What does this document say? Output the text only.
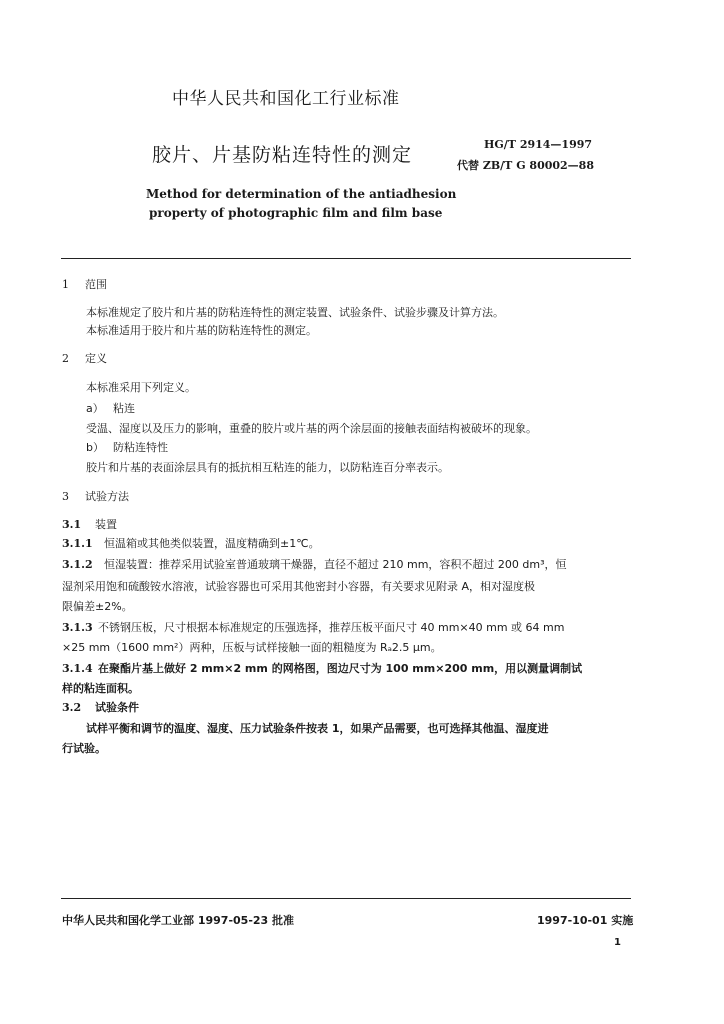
中华人民共和国化工行业标准
胶片、片基防粘连特性的测定	HG/T 2914—1997
代替 ZB/T G 80002—88
Method for determination of the antiadhesion
property of photographic film and film base
1 范围
本标准规定了胶片和片基的防粘连特性的测定装置、试验条件、试验步骤及计算方法。
本标准适用于胶片和片基的防粘连特性的测定。
2 定义
本标准采用下列定义。
a） 粘连
受温、湿度以及压力的影响，重叠的胶片或片基的两个涂层面的接触表面结构被破坏的现象。
b） 防粘连特性
胶片和片基的表面涂层具有的抵抗相互粘连的能力，以防粘连百分率表示。
3 试验方法
3.1 装置
3.1.1 恒温箱或其他类似装置，温度精确到±1℃。
3.1.2 恒湿装置：推荐采用试验室普通玻璃干燥器，直径不超过 210 mm，容积不超过 200 dm³，恒
湿剂采用饱和硫酸铵水溶液，试验容器也可采用其他密封小容器，有关要求见附录 A，相对湿度极
限偏差±2%。
3.1.3 不锈钢压板，尺寸根据本标准规定的压强选择，推荐压板平面尺寸 40 mm×40 mm 或 64 mm
×25 mm（1600 mm²）两种，压板与试样接触一面的粗糙度为 Rₐ2.5 μm。
3.1.4 在聚酯片基上做好 2 mm×2 mm 的网格图，图边尺寸为 100 mm×200 mm，用以测量调制试
样的粘连面积。
3.2 试验条件
试样平衡和调节的温度、湿度、压力试验条件按表 1，如果产品需要，也可选择其他温、湿度进
行试验。
中华人民共和国化学工业部 1997-05-23 批准	1997-10-01 实施
1
